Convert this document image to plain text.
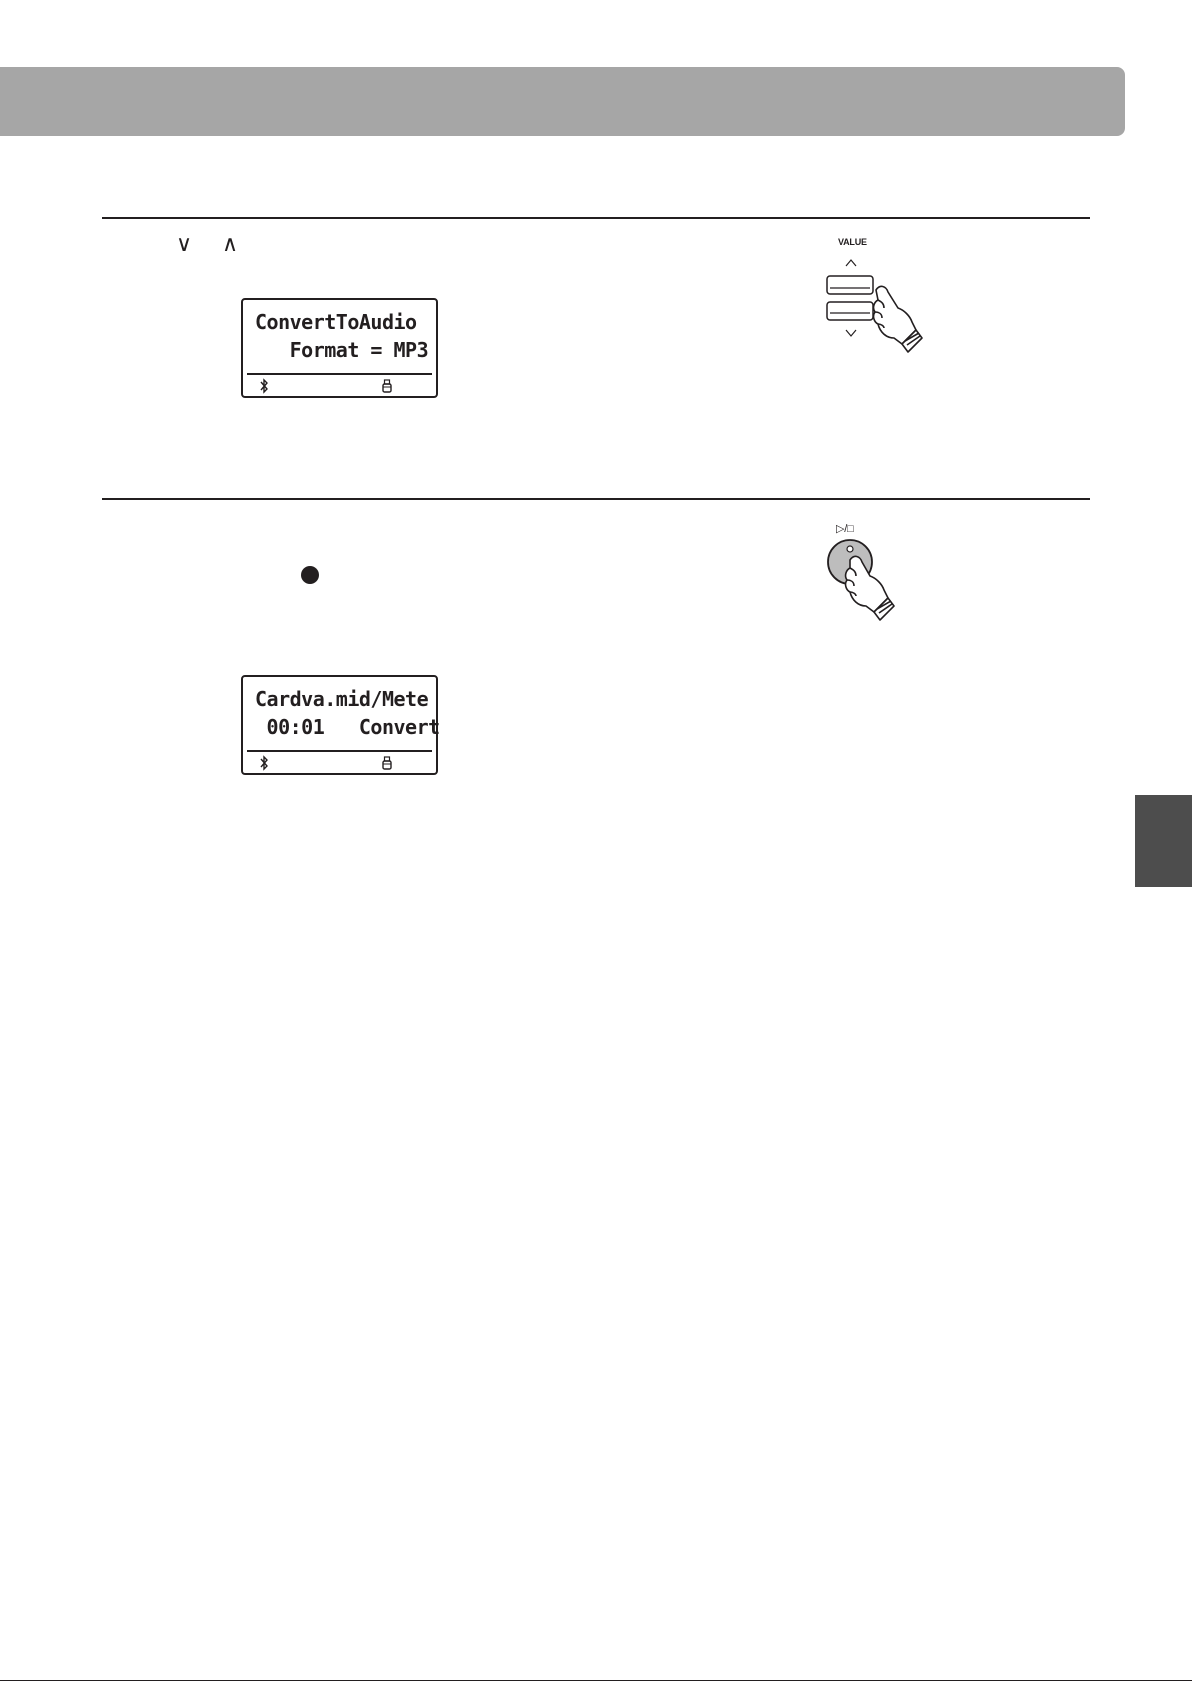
∨ ∧
ConvertToAudio
Format = MP3
VALUE
Cardva.mid/Mete
00:01   Convert
▷/□
